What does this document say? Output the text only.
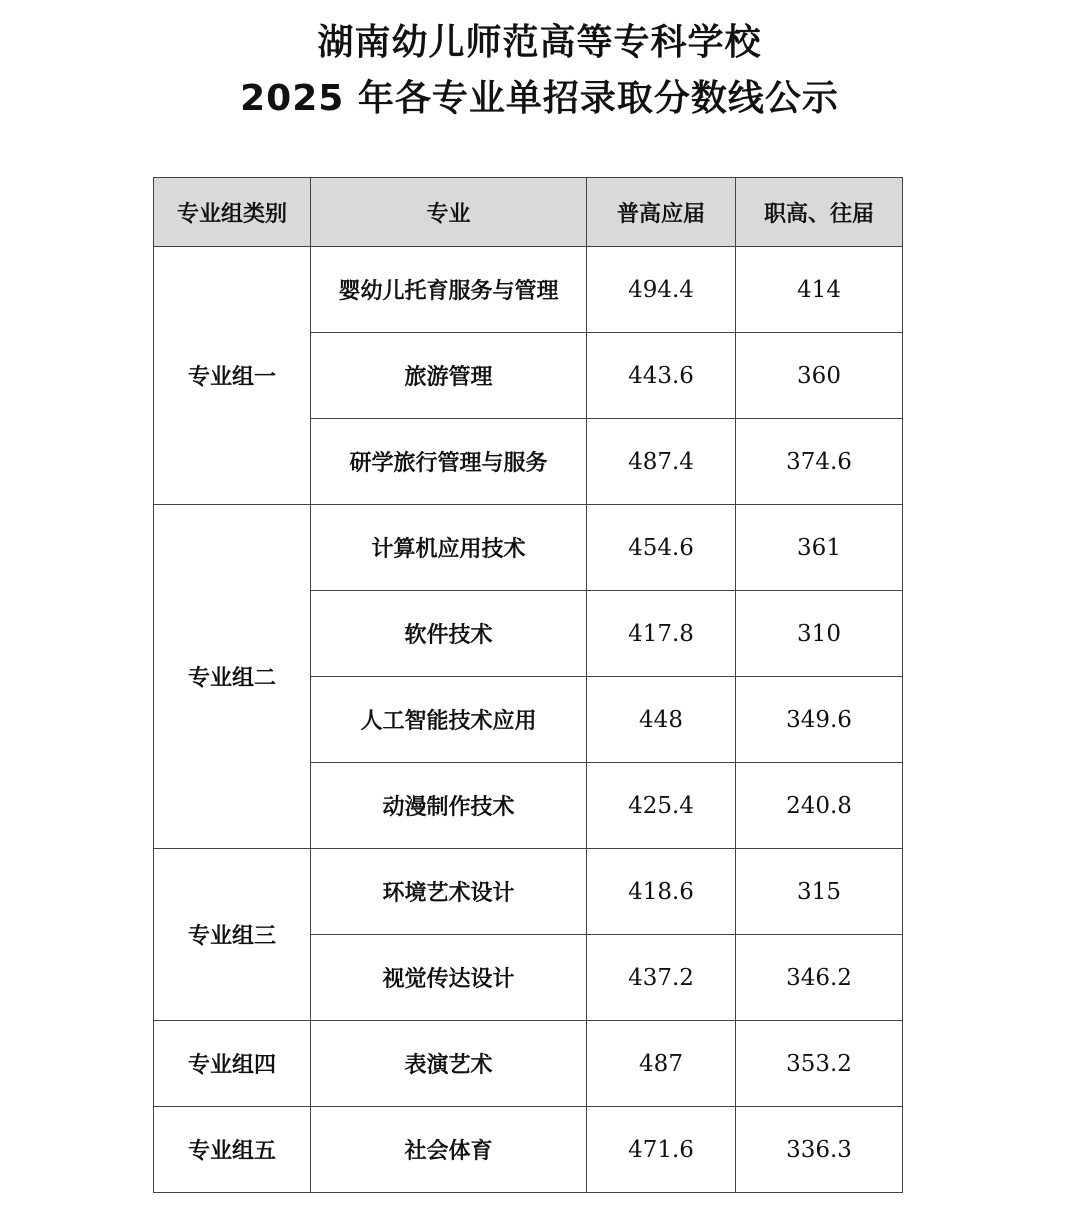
湖南幼儿师范高等专科学校
2025 年各专业单招录取分数线公示
专业组类别	专业	普高应届	职高、往届
专业组一	婴幼儿托育服务与管理	494.4	414
	旅游管理	443.6	360
	研学旅行管理与服务	487.4	374.6
专业组二	计算机应用技术	454.6	361
	软件技术	417.8	310
	人工智能技术应用	448	349.6
	动漫制作技术	425.4	240.8
专业组三	环境艺术设计	418.6	315
	视觉传达设计	437.2	346.2
专业组四	表演艺术	487	353.2
专业组五	社会体育	471.6	336.3
